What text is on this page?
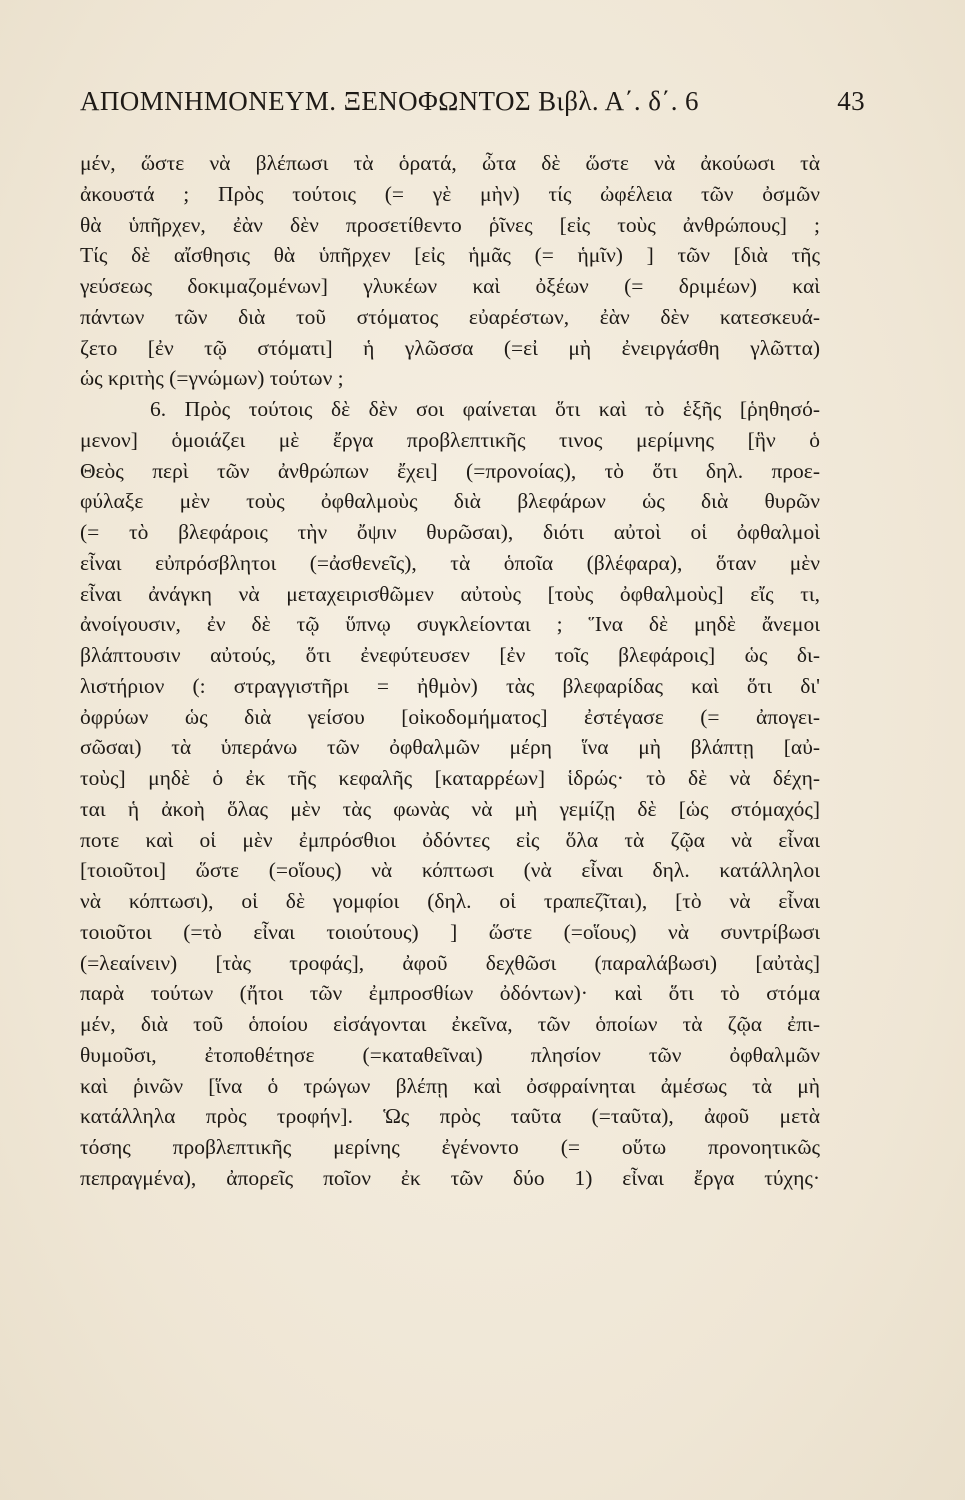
ΑΠΟΜΝΗΜΟΝΕΥΜ. ΞΕΝΟΦΩΝΤΟΣ Βιβλ. Α΄. δ΄. 6	43
μέν, ὥστε νὰ βλέπωσι τὰ ὁρατά, ὦτα δὲ ὥστε νὰ ἀκούωσι τὰ
ἀκουστά ; Πρὸς τούτοις (= γὲ μὴν) τίς ὠφέλεια τῶν ὀσμῶν
θὰ ὑπῆρχεν, ἐὰν δὲν προσετίθεντο ῥῖνες [εἰς τοὺς ἀνθρώπους] ;
Τίς δὲ αἴσθησις θὰ ὑπῆρχεν [εἰς ἡμᾶς (= ἡμῖν) ] τῶν [διὰ τῆς
γεύσεως δοκιμαζομένων] γλυκέων καὶ ὀξέων (= δριμέων) καὶ
πάντων τῶν διὰ τοῦ στόματος εὐαρέστων, ἐὰν δὲν κατεσκευά-
ζετο [ἐν τῷ στόματι] ἡ γλῶσσα (=εἰ μὴ ἐνειργάσθη γλῶττα)
ὡς κριτὴς (=γνώμων) τούτων ;
6. Πρὸς τούτοις δὲ δὲν σοι φαίνεται ὅτι καὶ τὸ ἑξῆς [ῥηθησό-
μενον] ὁμοιάζει μὲ ἔργα προβλεπτικῆς τινος μερίμνης [ἣν ὁ
Θεὸς περὶ τῶν ἀνθρώπων ἔχει] (=προνοίας), τὸ ὅτι δηλ. προε-
φύλαξε μὲν τοὺς ὀφθαλμοὺς διὰ βλεφάρων ὡς διὰ θυρῶν
(= τὸ βλεφάροις τὴν ὄψιν θυρῶσαι), διότι αὐτοὶ οἱ ὀφθαλμοὶ
εἶναι εὐπρόσβλητοι (=ἀσθενεῖς), τὰ ὁποῖα (βλέφαρα), ὅταν μὲν
εἶναι ἀνάγκη νὰ μεταχειρισθῶμεν αὐτοὺς [τοὺς ὀφθαλμοὺς] εἴς τι,
ἀνοίγουσιν, ἐν δὲ τῷ ὕπνῳ συγκλείονται ; Ἵνα δὲ μηδὲ ἄνεμοι
βλάπτουσιν αὐτούς, ὅτι ἐνεφύτευσεν [ἐν τοῖς βλεφάροις] ὡς δι-
λιστήριον (: στραγγιστῆρι = ἠθμὸν) τὰς βλεφαρίδας καὶ ὅτι δι'
ὀφρύων ὡς διὰ γείσου [οἰκοδομήματος] ἐστέγασε (= ἀπογει-
σῶσαι) τὰ ὑπεράνω τῶν ὀφθαλμῶν μέρη ἵνα μὴ βλάπτῃ [αὐ-
τοὺς] μηδὲ ὁ ἐκ τῆς κεφαλῆς [καταρρέων] ἱδρώς· τὸ δὲ νὰ δέχη-
ται ἡ ἀκοὴ ὅλας μὲν τὰς φωνὰς νὰ μὴ γεμίζῃ δὲ [ὡς στόμαχός]
ποτε καὶ οἱ μὲν ἐμπρόσθιοι ὀδόντες εἰς ὅλα τὰ ζῷα νὰ εἶναι
[τοιοῦτοι] ὥστε (=οἵους) νὰ κόπτωσι (νὰ εἶναι δηλ. κατάλληλοι
νὰ κόπτωσι), οἱ δὲ γομφίοι (δηλ. οἱ τραπεζῖται), [τὸ νὰ εἶναι
τοιοῦτοι (=τὸ εἶναι τοιούτους) ] ὥστε (=οἵους) νὰ συντρίβωσι
(=λεαίνειν) [τὰς τροφάς], ἀφοῦ δεχθῶσι (παραλάβωσι) [αὐτὰς]
παρὰ τούτων (ἤτοι τῶν ἐμπροσθίων ὀδόντων)· καὶ ὅτι τὸ στόμα
μέν, διὰ τοῦ ὁποίου εἰσάγονται ἐκεῖνα, τῶν ὁποίων τὰ ζῷα ἐπι-
θυμοῦσι, ἐτοποθέτησε (=καταθεῖναι) πλησίον τῶν ὀφθαλμῶν
καὶ ῥινῶν [ἵνα ὁ τρώγων βλέπῃ καὶ ὀσφραίνηται ἀμέσως τὰ μὴ
κατάλληλα πρὸς τροφήν]. Ὡς πρὸς ταῦτα (=ταῦτα), ἀφοῦ μετὰ
τόσης προβλεπτικῆς μερίνης ἐγένοντο (= οὕτω προνοητικῶς
πεπραγμένα), ἀπορεῖς ποῖον ἐκ τῶν δύο 1) εἶναι ἔργα τύχης·
